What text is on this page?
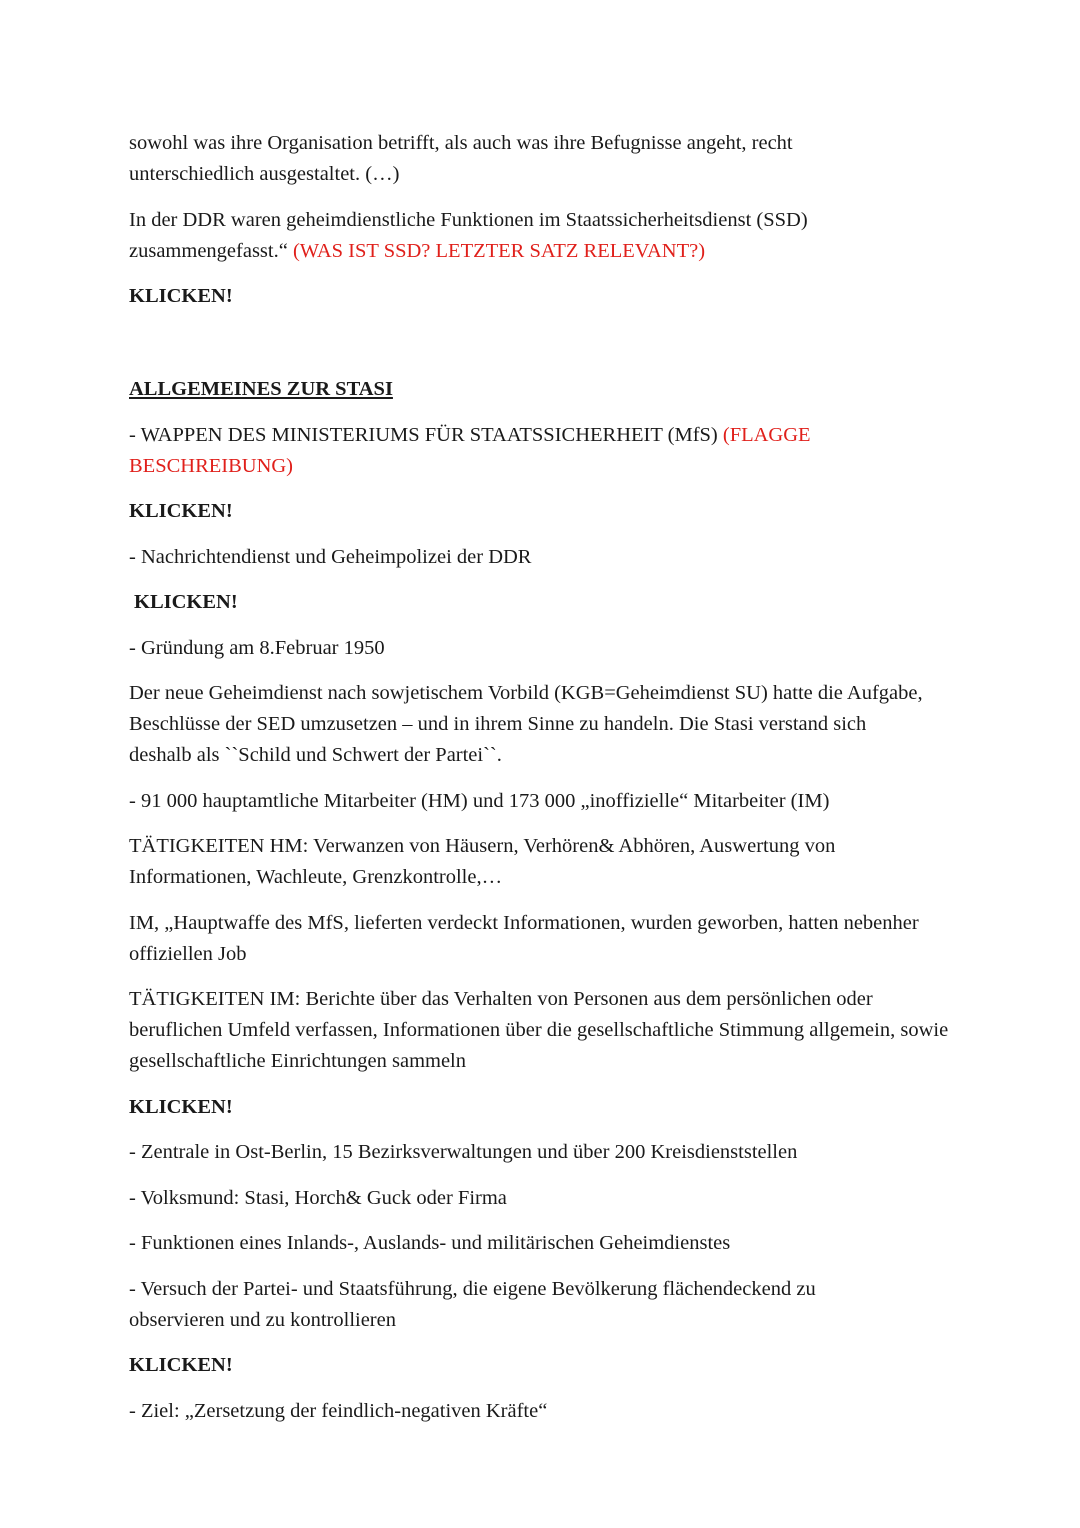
sowohl was ihre Organisation betrifft, als auch was ihre Befugnisse angeht, recht unterschiedlich ausgestaltet. (…)

In der DDR waren geheimdienstliche Funktionen im Staatssicherheitsdienst (SSD) zusammengefasst.“ (WAS IST SSD? LETZTER SATZ RELEVANT?)

KLICKEN!

ALLGEMEINES ZUR STASI

- WAPPEN DES MINISTERIUMS FÜR STAATSSICHERHEIT (MfS) (FLAGGE BESCHREIBUNG)

KLICKEN!

- Nachrichtendienst und Geheimpolizei der DDR

KLICKEN!

- Gründung am 8.Februar 1950

Der neue Geheimdienst nach sowjetischem Vorbild (KGB=Geheimdienst SU) hatte die Aufgabe, Beschlüsse der SED umzusetzen – und in ihrem Sinne zu handeln. Die Stasi verstand sich deshalb als ``Schild und Schwert der Partei``.

- 91 000 hauptamtliche Mitarbeiter (HM) und 173 000 „inoffizielle“ Mitarbeiter (IM)

TÄTIGKEITEN HM: Verwanzen von Häusern, Verhören& Abhören, Auswertung von Informationen, Wachleute, Grenzkontrolle,…

IM, „Hauptwaffe des MfS, lieferten verdeckt Informationen, wurden geworben, hatten nebenher offiziellen Job

TÄTIGKEITEN IM: Berichte über das Verhalten von Personen aus dem persönlichen oder beruflichen Umfeld verfassen, Informationen über die gesellschaftliche Stimmung allgemein, sowie gesellschaftliche Einrichtungen sammeln

KLICKEN!

- Zentrale in Ost-Berlin, 15 Bezirksverwaltungen und über 200 Kreisdienststellen

- Volksmund: Stasi, Horch& Guck oder Firma

- Funktionen eines Inlands-, Auslands- und militärischen Geheimdienstes

- Versuch der Partei- und Staatsführung, die eigene Bevölkerung flächendeckend zu observieren und zu kontrollieren

KLICKEN!

- Ziel: „Zersetzung der feindlich-negativen Kräfte“
